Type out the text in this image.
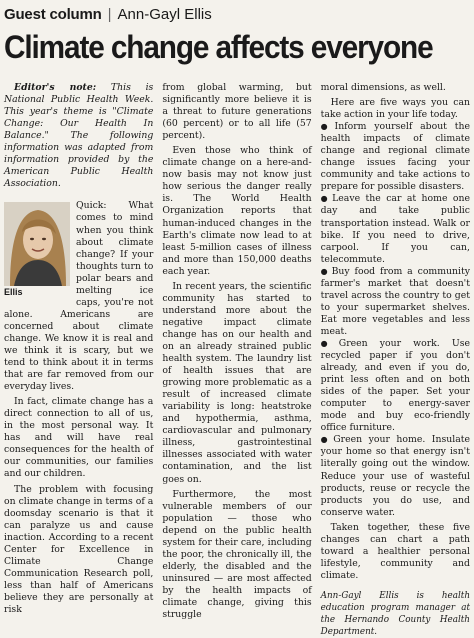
Guest column | Ann-Gayl Ellis
Climate change affects everyone

Editor's note: This is National Public Health Week. This year's theme is "Climate Change: Our Health In Balance." The following information was adapted from information provided by the American Public Health Association.

Ellis

Quick: What comes to mind when you think about climate change? If your thoughts turn to polar bears and melting ice caps, you're not alone. Americans are concerned about climate change. We know it is real and we think it is scary, but we tend to think about it in terms that are far removed from our everyday lives.

In fact, climate change has a direct connection to all of us, in the most personal way. It has and will have real consequences for the health of our communities, our families and our children.

The problem with focusing on climate change in terms of a doomsday scenario is that it can paralyze us and cause inaction. According to a recent Center for Excellence in Climate Change Communication Research poll, less than half of Americans believe they are personally at risk

from global warming, but significantly more believe it is a threat to future generations (60 percent) or to all life (57 percent).

Even those who think of climate change on a here-and-now basis may not know just how serious the danger really is. The World Health Organization reports that human-induced changes in the Earth's climate now lead to at least 5-million cases of illness and more than 150,000 deaths each year.

In recent years, the scientific community has started to understand more about the negative impact climate change has on our health and on an already strained public health system. The laundry list of health issues that are growing more problematic as a result of increased climate variability is long: heatstroke and hypothermia, asthma, cardiovascular and pulmonary illness, gastrointestinal illnesses associated with water contamination, and the list goes on.

Furthermore, the most vulnerable members of our population — those who depend on the public health system for their care, including the poor, the chronically ill, the elderly, the disabled and the uninsured — are most affected by the health impacts of climate change, giving this struggle

moral dimensions, as well.

Here are five ways you can take action in your life today.

● Inform yourself about the health impacts of climate change and regional climate change issues facing your community and take actions to prepare for possible disasters.

● Leave the car at home one day and take public transportation instead. Walk or bike. If you need to drive, carpool. If you can, telecommute.

● Buy food from a community farmer's market that doesn't travel across the country to get to your supermarket shelves. Eat more vegetables and less meat.

● Green your work. Use recycled paper if you don't already, and even if you do, print less often and on both sides of the paper. Set your computer to energy-saver mode and buy eco-friendly office furniture.

● Green your home. Insulate your home so that energy isn't literally going out the window. Reduce your use of wasteful products, reuse or recycle the products you do use, and conserve water.

Taken together, these five changes can chart a path toward a healthier personal lifestyle, community and climate.

Ann-Gayl Ellis is health education program manager at the Hernando County Health Department.
